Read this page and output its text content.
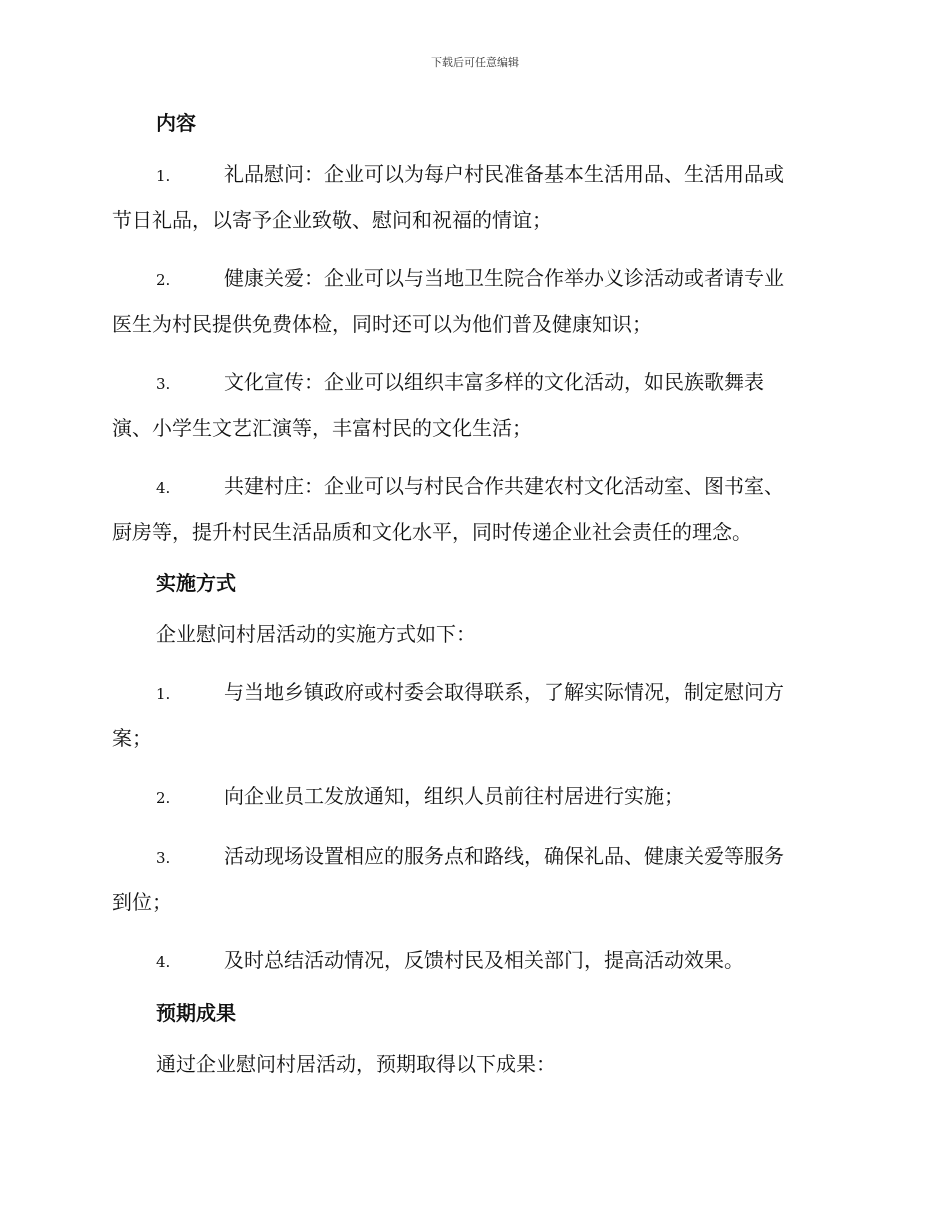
下载后可任意编辑
内容
1.	礼品慰问：企业可以为每户村民准备基本生活用品、生活用品或
节日礼品，以寄予企业致敬、慰问和祝福的情谊；
2.	健康关爱：企业可以与当地卫生院合作举办义诊活动或者请专业
医生为村民提供免费体检，同时还可以为他们普及健康知识；
3.	文化宣传：企业可以组织丰富多样的文化活动，如民族歌舞表
演、小学生文艺汇演等，丰富村民的文化生活；
4.	共建村庄：企业可以与村民合作共建农村文化活动室、图书室、
厨房等，提升村民生活品质和文化水平，同时传递企业社会责任的理念。
实施方式

企业慰问村居活动的实施方式如下：

1.	与当地乡镇政府或村委会取得联系，了解实际情况，制定慰问方
案；
2.	向企业员工发放通知，组织人员前往村居进行实施；
3.	活动现场设置相应的服务点和路线，确保礼品、健康关爱等服务
到位；
4.	及时总结活动情况，反馈村民及相关部门，提高活动效果。
预期成果

通过企业慰问村居活动，预期取得以下成果：
